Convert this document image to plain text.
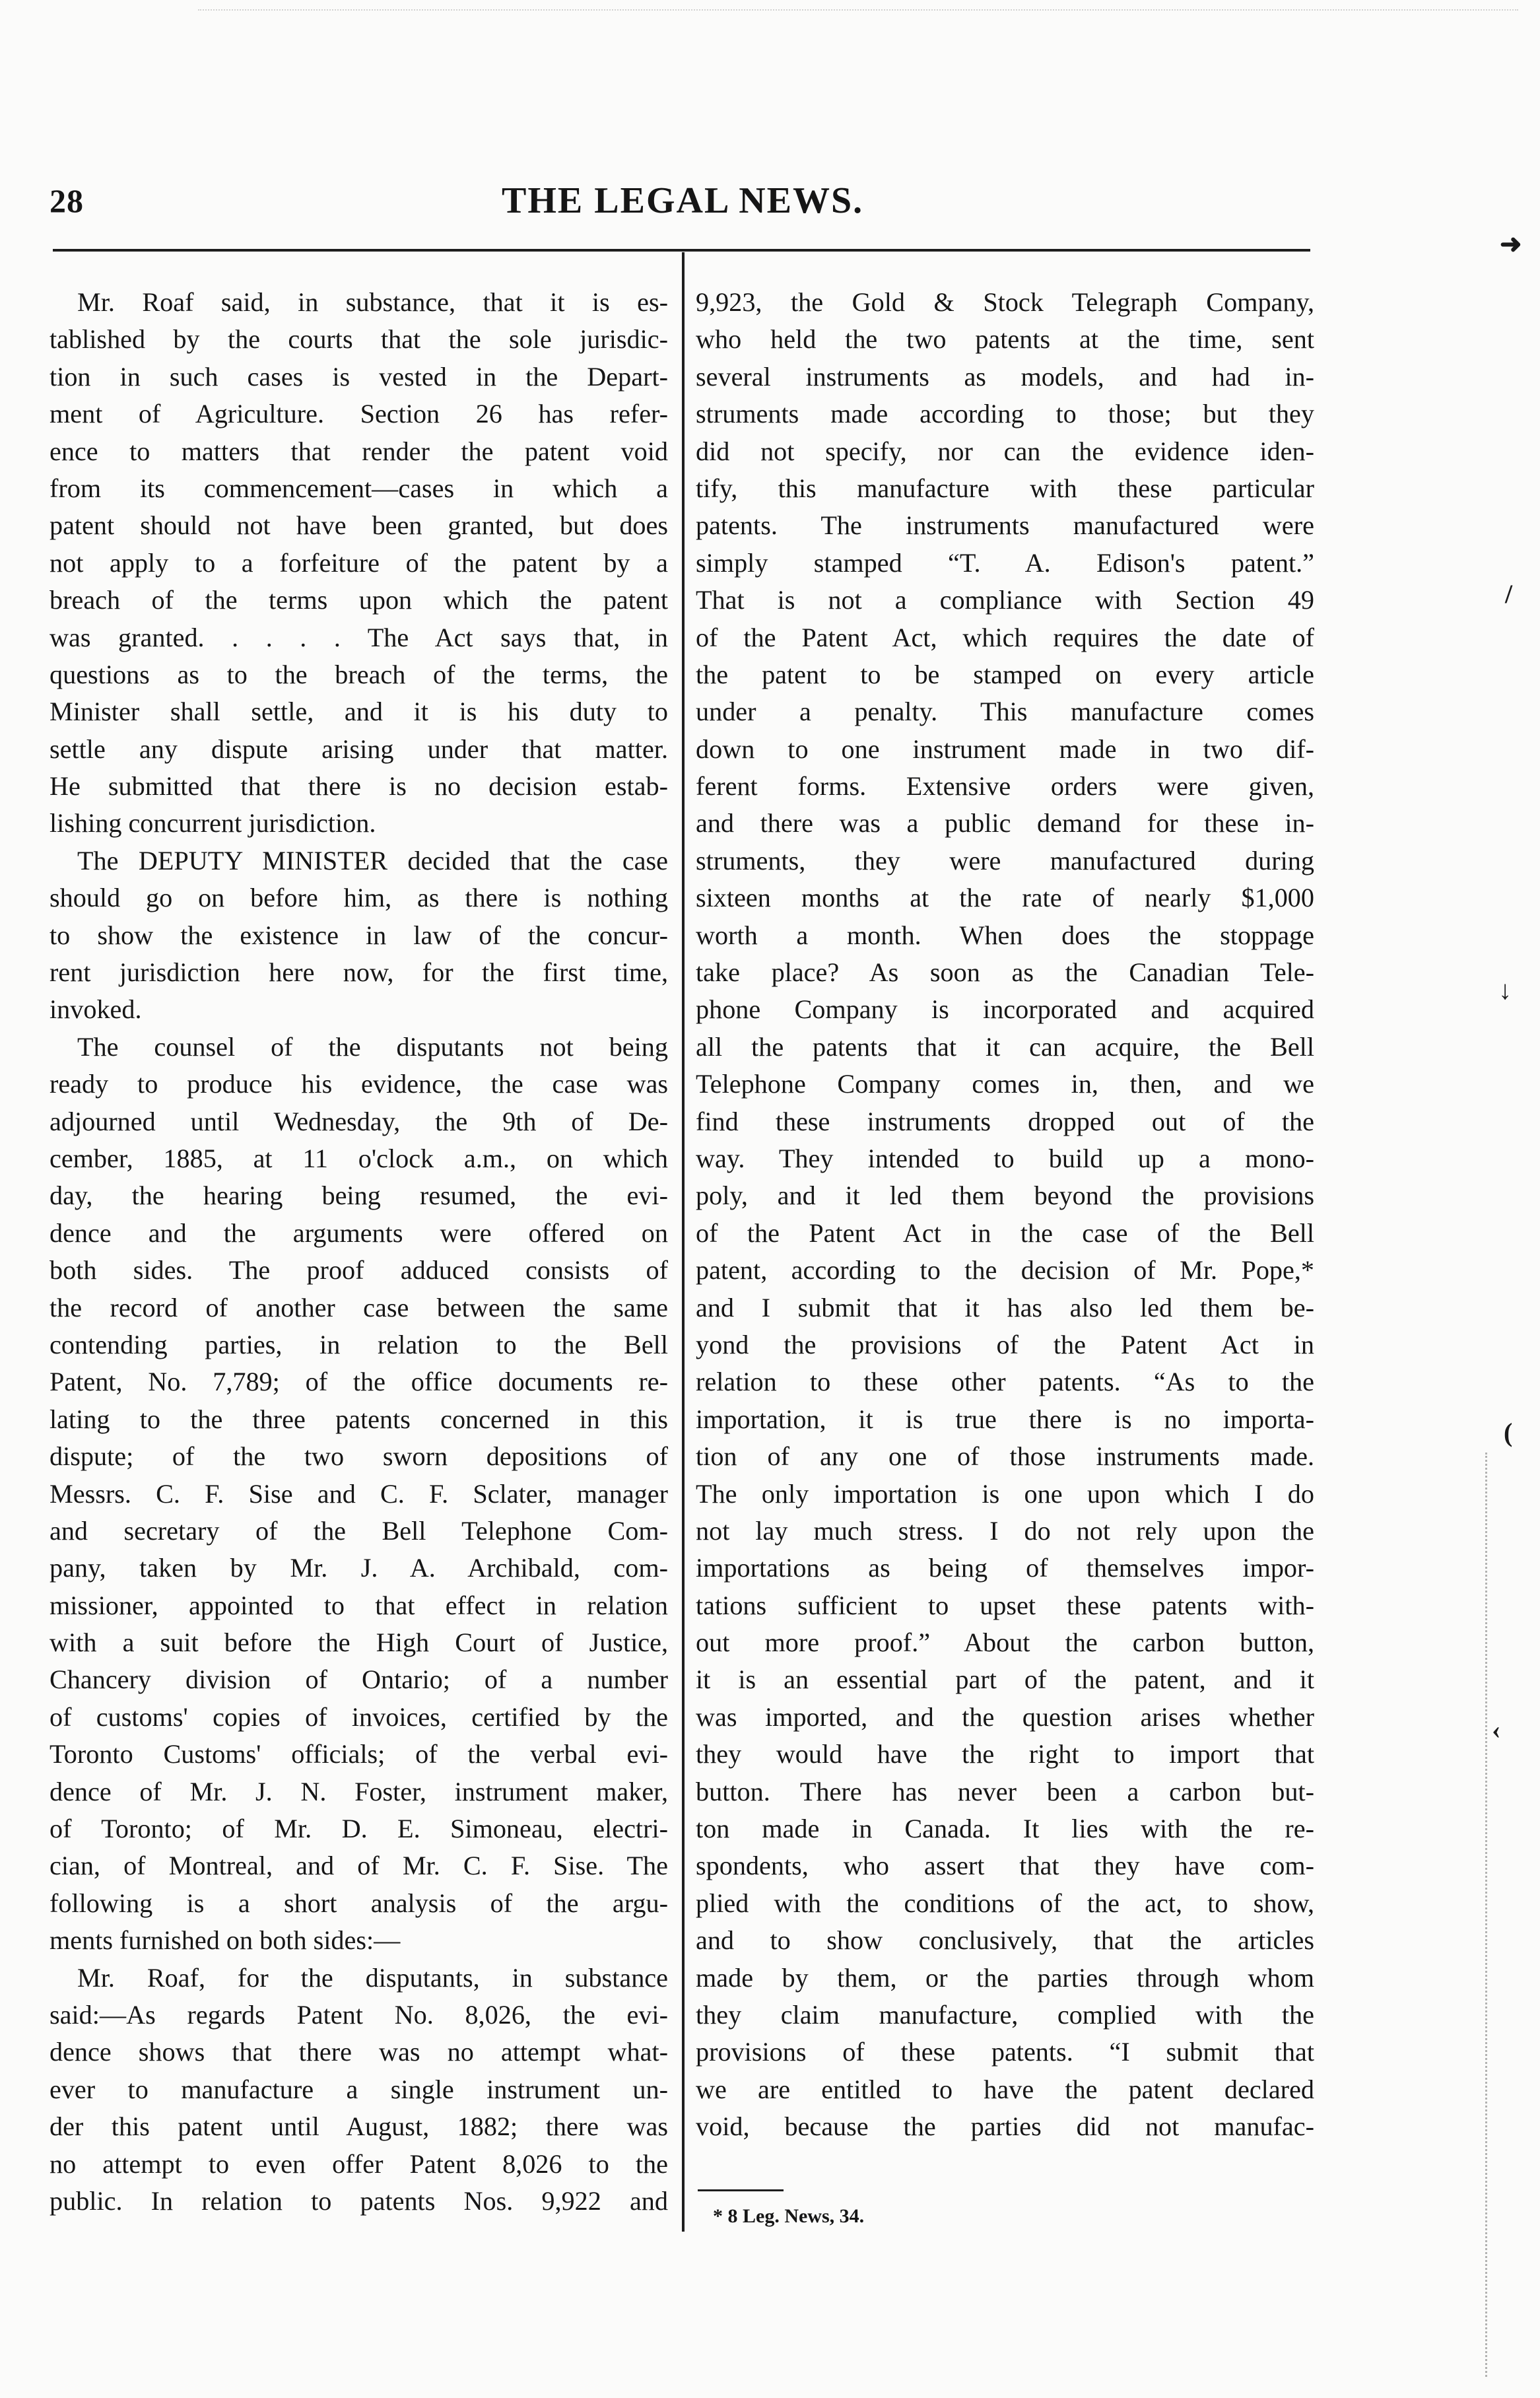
28	THE LEGAL NEWS.
Mr. Roaf said, in substance, that it is es-
tablished by the courts that the sole jurisdic-
tion in such cases is vested in the Depart-
ment of Agriculture. Section 26 has refer-
ence to matters that render the patent void
from its commencement—cases in which a
patent should not have been granted, but does
not apply to a forfeiture of the patent by a
breach of the terms upon which the patent
was granted. . . . . The Act says that, in
questions as to the breach of the terms, the
Minister shall settle, and it is his duty to
settle any dispute arising under that matter.
He submitted that there is no decision estab-
lishing concurrent jurisdiction.
The DEPUTY MINISTER decided that the case
should go on before him, as there is nothing
to show the existence in law of the concur-
rent jurisdiction here now, for the first time,
invoked.
The counsel of the disputants not being
ready to produce his evidence, the case was
adjourned until Wednesday, the 9th of De-
cember, 1885, at 11 o'clock a.m., on which
day, the hearing being resumed, the evi-
dence and the arguments were offered on
both sides. The proof adduced consists of
the record of another case between the same
contending parties, in relation to the Bell
Patent, No. 7,789; of the office documents re-
lating to the three patents concerned in this
dispute; of the two sworn depositions of
Messrs. C. F. Sise and C. F. Sclater, manager
and secretary of the Bell Telephone Com-
pany, taken by Mr. J. A. Archibald, com-
missioner, appointed to that effect in relation
with a suit before the High Court of Justice,
Chancery division of Ontario; of a number
of customs' copies of invoices, certified by the
Toronto Customs' officials; of the verbal evi-
dence of Mr. J. N. Foster, instrument maker,
of Toronto; of Mr. D. E. Simoneau, electri-
cian, of Montreal, and of Mr. C. F. Sise. The
following is a short analysis of the argu-
ments furnished on both sides:—
Mr. Roaf, for the disputants, in substance
said:—As regards Patent No. 8,026, the evi-
dence shows that there was no attempt what-
ever to manufacture a single instrument un-
der this patent until August, 1882; there was
no attempt to even offer Patent 8,026 to the
public. In relation to patents Nos. 9,922 and
9,923, the Gold & Stock Telegraph Company,
who held the two patents at the time, sent
several instruments as models, and had in-
struments made according to those; but they
did not specify, nor can the evidence iden-
tify, this manufacture with these particular
patents. The instruments manufactured were
simply stamped “T. A. Edison's patent.”
That is not a compliance with Section 49
of the Patent Act, which requires the date of
the patent to be stamped on every article
under a penalty. This manufacture comes
down to one instrument made in two dif-
ferent forms. Extensive orders were given,
and there was a public demand for these in-
struments, they were manufactured during
sixteen months at the rate of nearly $1,000
worth a month. When does the stoppage
take place? As soon as the Canadian Tele-
phone Company is incorporated and acquired
all the patents that it can acquire, the Bell
Telephone Company comes in, then, and we
find these instruments dropped out of the
way. They intended to build up a mono-
poly, and it led them beyond the provisions
of the Patent Act in the case of the Bell
patent, according to the decision of Mr. Pope,*
and I submit that it has also led them be-
yond the provisions of the Patent Act in
relation to these other patents. “As to the
importation, it is true there is no importa-
tion of any one of those instruments made.
The only importation is one upon which I do
not lay much stress. I do not rely upon the
importations as being of themselves impor-
tations sufficient to upset these patents with-
out more proof.” About the carbon button,
it is an essential part of the patent, and it
was imported, and the question arises whether
they would have the right to import that
button. There has never been a carbon but-
ton made in Canada. It lies with the re-
spondents, who assert that they have com-
plied with the conditions of the act, to show,
and to show conclusively, that the articles
made by them, or the parties through whom
they claim manufacture, complied with the
provisions of these patents. “I submit that
we are entitled to have the patent declared
void, because the parties did not manufac-
* 8 Leg. News, 34.
➜
/
↓
(
‹
